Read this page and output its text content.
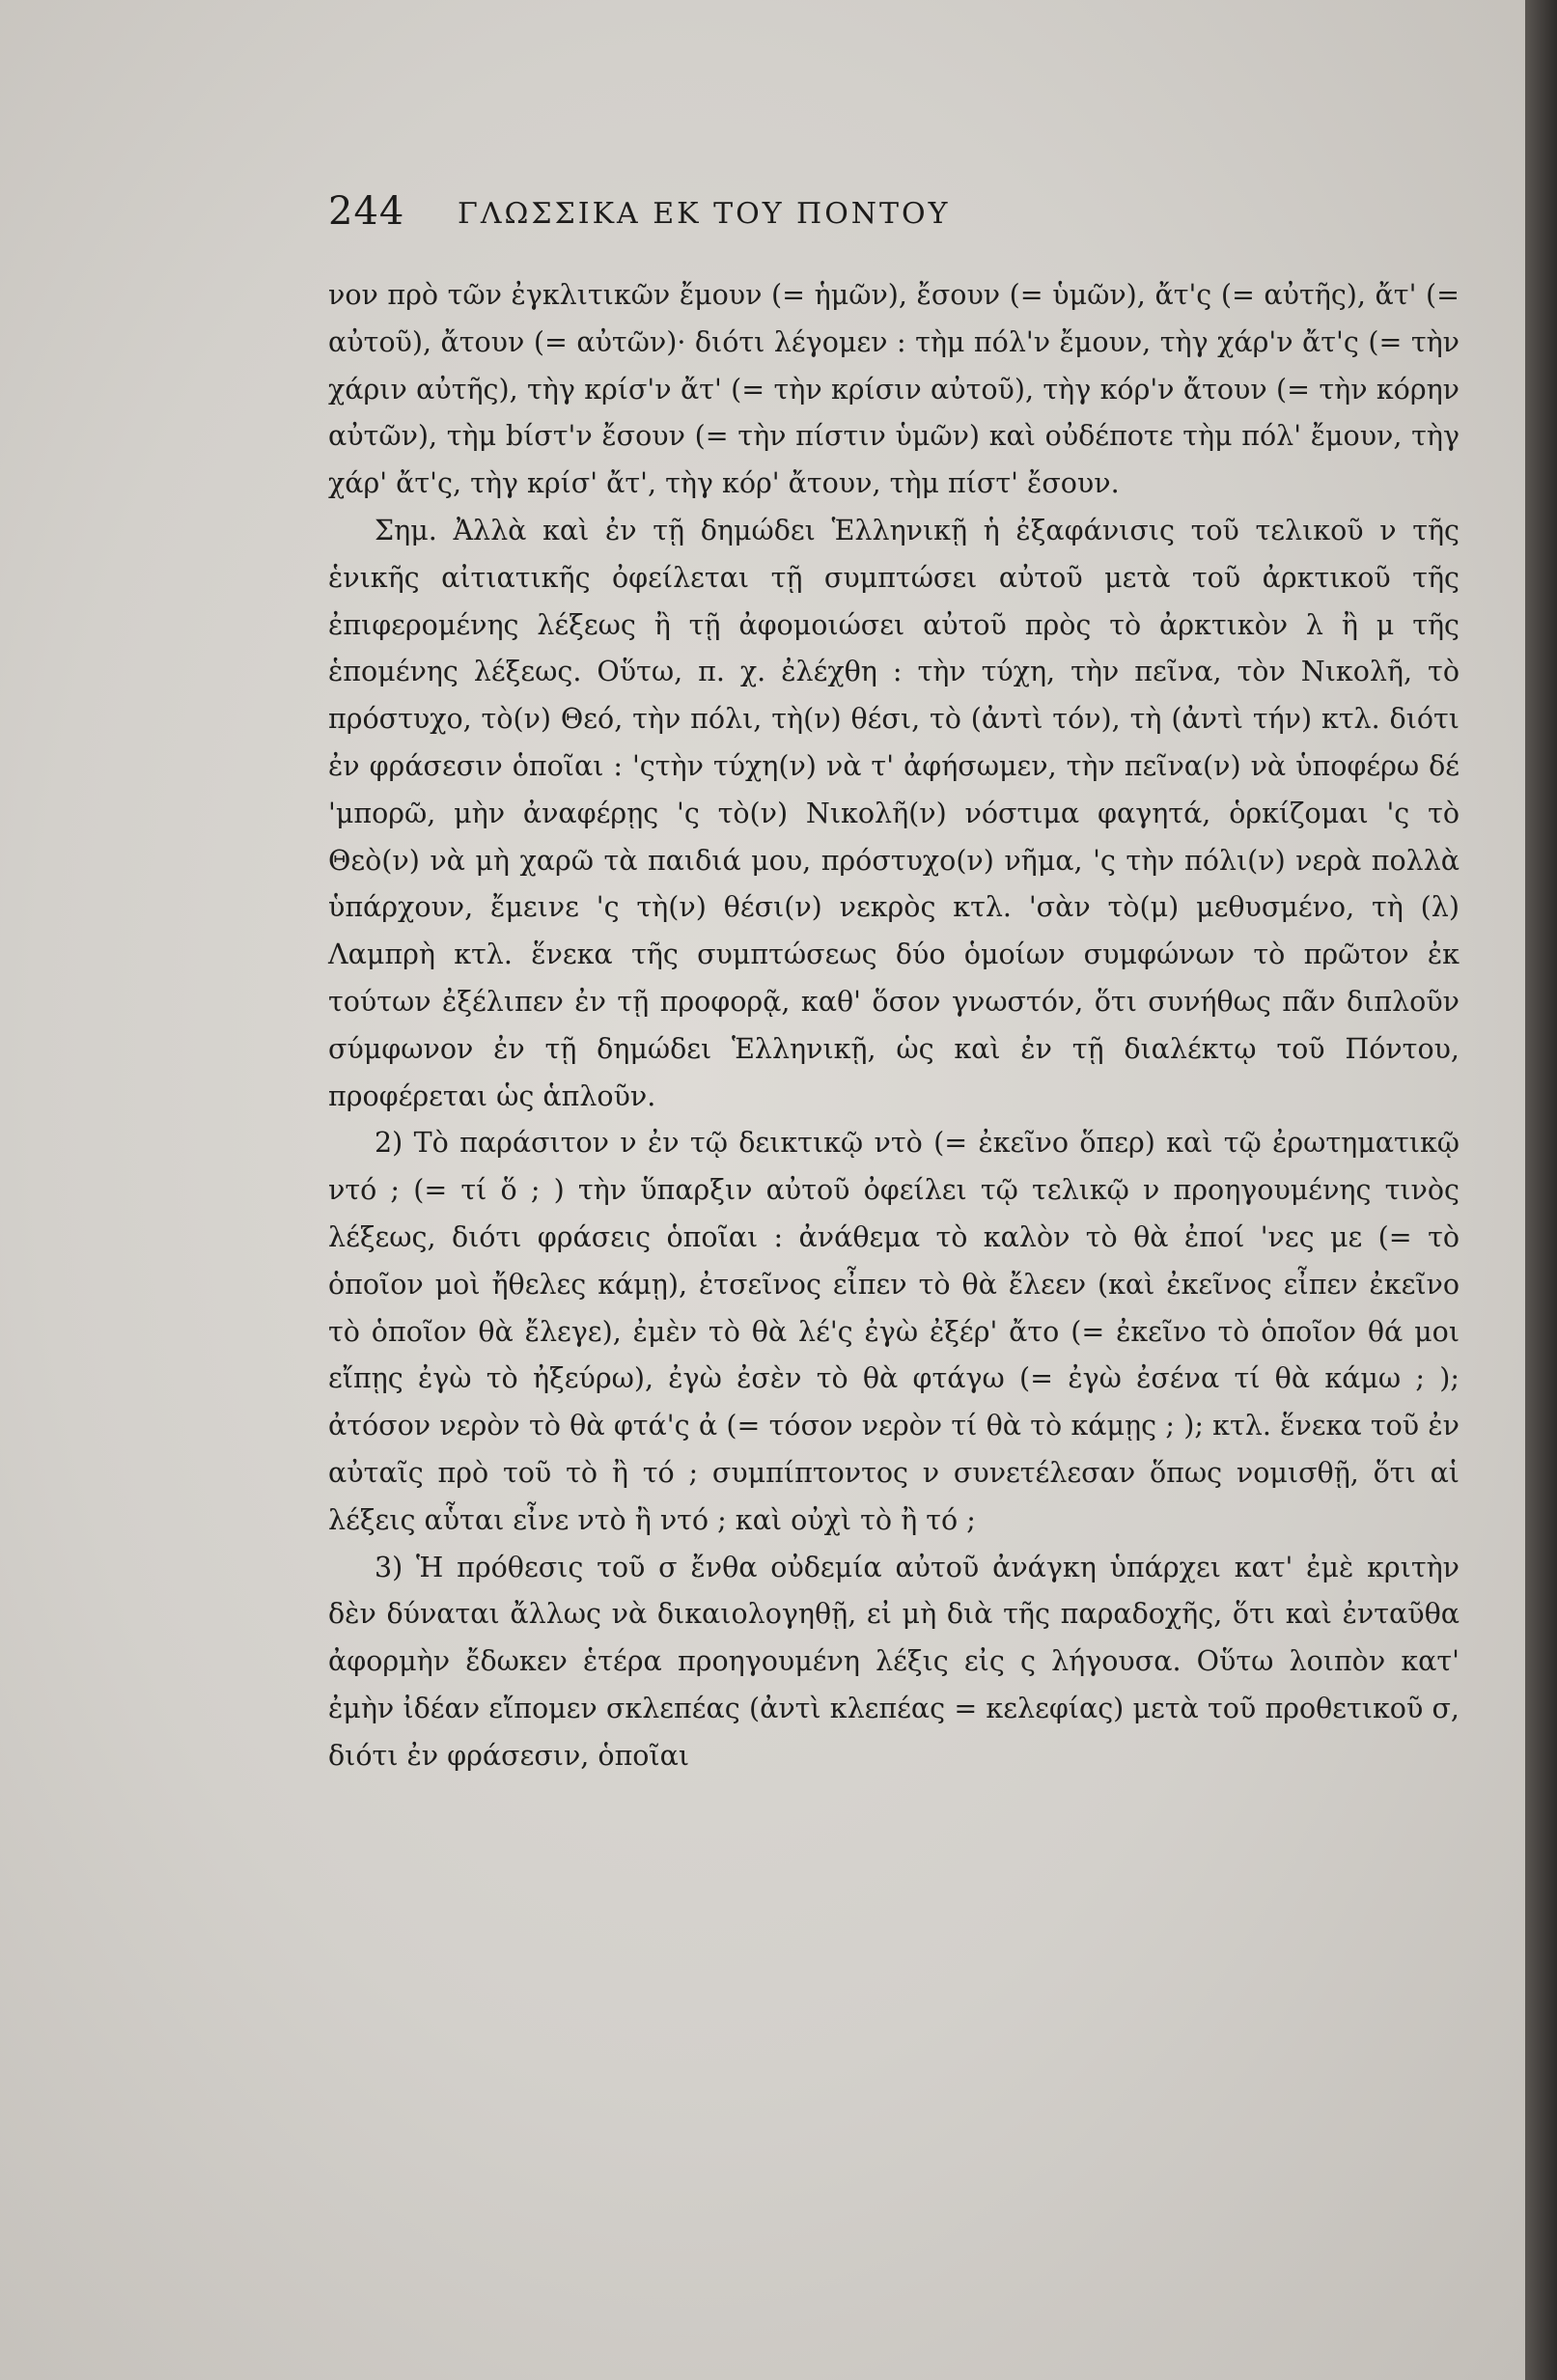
244 ΓΛΩΣΣΙΚΑ ΕΚ ΤΟΥ ΠΟΝΤΟΥ

νον πρὸ τῶν ἐγκλιτικῶν ἔμουν (= ἡμῶν), ἔσουν (= ὑμῶν), ἄτ'ς (= αὐτῆς), ἄτ' (= αὐτοῦ), ἄτουν (= αὐτῶν)· διότι λέγομεν : τὴμ πόλ'ν ἔμουν, τὴγ χάρ'ν ἄτ'ς (= τὴν χάριν αὐτῆς), τὴγ κρίσ'ν ἄτ' (= τὴν κρίσιν αὐτοῦ), τὴγ κόρ'ν ἄτουν (= τὴν κόρην αὐτῶν), τὴμ bίστ'ν ἔσουν (= τὴν πίστιν ὑμῶν) καὶ οὐδέποτε τὴμ πόλ' ἔμουν, τὴγ χάρ' ἄτ'ς, τὴγ κρίσ' ἄτ', τὴγ κόρ' ἄτουν, τὴμ πίστ' ἔσουν.

Σημ. Ἀλλὰ καὶ ἐν τῇ δημώδει Ἑλληνικῇ ἡ ἐξαφάνισις τοῦ τελικοῦ ν τῆς ἑνικῆς αἰτιατικῆς ὀφείλεται τῇ συμπτώσει αὐτοῦ μετὰ τοῦ ἀρκτικοῦ τῆς ἐπιφερομένης λέξεως ἢ τῇ ἀφομοιώσει αὐτοῦ πρὸς τὸ ἀρκτικὸν λ ἢ μ τῆς ἑπομένης λέξεως. Οὕτω, π. χ. ἐλέχθη : τὴν τύχη, τὴν πεῖνα, τὸν Νικολῆ, τὸ πρόστυχο, τὸ(ν) Θεό, τὴν πόλι, τὴ(ν) θέσι, τὸ (ἀντὶ τόν), τὴ (ἀντὶ τήν) κτλ. διότι ἐν φράσεσιν ὁποῖαι : 'ςτὴν τύχη(ν) νὰ τ' ἀφήσωμεν, τὴν πεῖνα(ν) νὰ ὑποφέρω δέ 'μπορῶ, μὴν ἀναφέρῃς 'ς τὸ(ν) Νικολῆ(ν) νόστιμα φαγητά, ὁρκίζομαι 'ς τὸ Θεὸ(ν) νὰ μὴ χαρῶ τὰ παιδιά μου, πρόστυχο(ν) νῆμα, 'ς τὴν πόλι(ν) νερὰ πολλὰ ὑπάρχουν, ἔμεινε 'ς τὴ(ν) θέσι(ν) νεκρὸς κτλ. 'σὰν τὸ(μ) μεθυσμένο, τὴ (λ) Λαμπρὴ κτλ. ἕνεκα τῆς συμπτώσεως δύο ὁμοίων συμφώνων τὸ πρῶτον ἐκ τούτων ἐξέλιπεν ἐν τῇ προφορᾷ, καθ' ὅσον γνωστόν, ὅτι συνήθως πᾶν διπλοῦν σύμφωνον ἐν τῇ δημώδει Ἑλληνικῇ, ὡς καὶ ἐν τῇ διαλέκτῳ τοῦ Πόντου, προφέρεται ὡς ἁπλοῦν.

2) Τὸ παράσιτον ν ἐν τῷ δεικτικῷ ντὸ (= ἐκεῖνο ὅπερ) καὶ τῷ ἐρωτηματικῷ ντό ; (= τί ὅ ; ) τὴν ὕπαρξιν αὐτοῦ ὀφείλει τῷ τελικῷ ν προηγουμένης τινὸς λέξεως, διότι φράσεις ὁποῖαι : ἀνάθεμα τὸ καλὸν τὸ θὰ ἐποί 'νες με (= τὸ ὁποῖον μοὶ ἤθελες κάμῃ), ἐτσεῖνος εἶπεν τὸ θὰ ἔλεεν (καὶ ἐκεῖνος εἶπεν ἐκεῖνο τὸ ὁποῖον θὰ ἔλεγε), ἐμὲν τὸ θὰ λέ'ς ἐγὼ ἐξέρ' ἄτο (= ἐκεῖνο τὸ ὁποῖον θά μοι εἴπῃς ἐγὼ τὸ ἠξεύρω), ἐγὼ ἐσὲν τὸ θὰ φτάγω (= ἐγὼ ἐσένα τί θὰ κάμω ; ); ἀτόσον νερὸν τὸ θὰ φτά'ς ἀ (= τόσον νερὸν τί θὰ τὸ κάμῃς ; ); κτλ. ἕνεκα τοῦ ἐν αὐταῖς πρὸ τοῦ τὸ ἢ τό ; συμπίπτοντος ν συνετέλεσαν ὅπως νομισθῇ, ὅτι αἱ λέξεις αὗται εἶνε ντὸ ἢ ντό ; καὶ οὐχὶ τὸ ἢ τό ;

3) Ἡ πρόθεσις τοῦ σ ἔνθα οὐδεμία αὐτοῦ ἀνάγκη ὑπάρχει κατ' ἐμὲ κριτὴν δὲν δύναται ἄλλως νὰ δικαιολογηθῇ, εἰ μὴ διὰ τῆς παραδοχῆς, ὅτι καὶ ἐνταῦθα ἀφορμὴν ἔδωκεν ἑτέρα προηγουμένη λέξις εἰς ς λήγουσα. Οὕτω λοιπὸν κατ' ἐμὴν ἰδέαν εἴπομεν σκλεπέας (ἀντὶ κλεπέας = κελεφίας) μετὰ τοῦ προθετικοῦ σ, διότι ἐν φράσεσιν, ὁποῖαι
